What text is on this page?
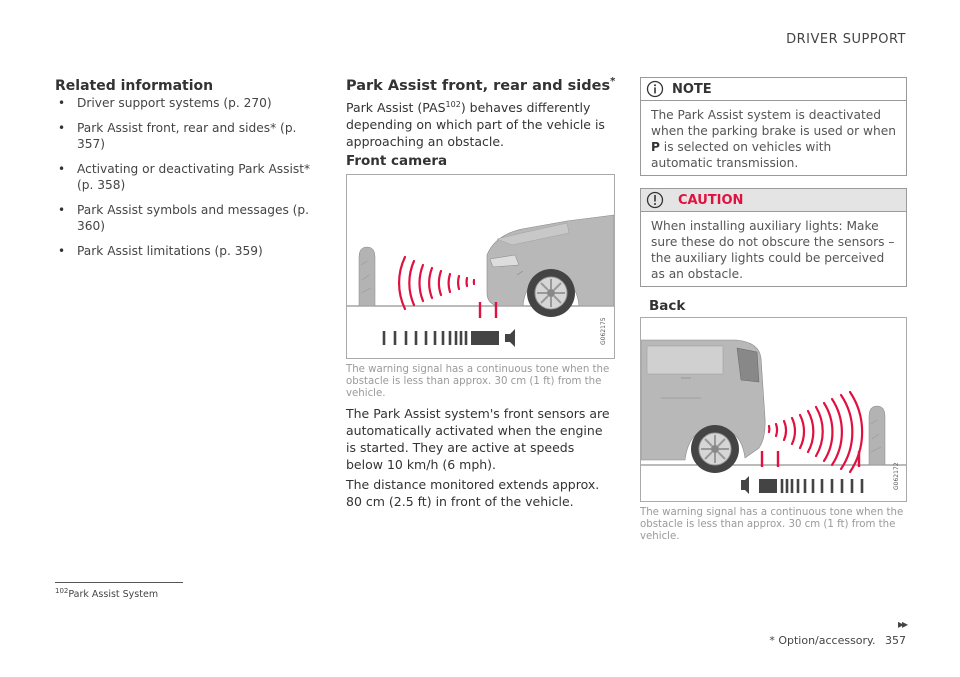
DRIVER SUPPORT
Related information
• Driver support systems (p. 270)
• Park Assist front, rear and sides* (p. 357)
• Activating or deactivating Park Assist* (p. 358)
• Park Assist symbols and messages (p. 360)
• Park Assist limitations (p. 359)
Park Assist front, rear and sides*
Park Assist (PAS$^{102}$) behaves differently depending on which part of the vehicle is approaching an obstacle.
Front camera
G062175
The warning signal has a continuous tone when the obstacle is less than approx. 30 cm (1 ft) from the vehicle.
The Park Assist system's front sensors are automatically activated when the engine is started. They are active at speeds below 10 km/h (6 mph).
The distance monitored extends approx. 80 cm (2.5 ft) in front of the vehicle.
NOTE
The Park Assist system is deactivated when the parking brake is used or when P is selected on vehicles with automatic transmission.
CAUTION
When installing auxiliary lights: Make sure these do not obscure the sensors – the auxiliary lights could be perceived as an obstacle.
Back
G062172
The warning signal has a continuous tone when the obstacle is less than approx. 30 cm (1 ft) from the vehicle.
$^{102}$Park Assist System
▸▸
* Option/accessory. 357
